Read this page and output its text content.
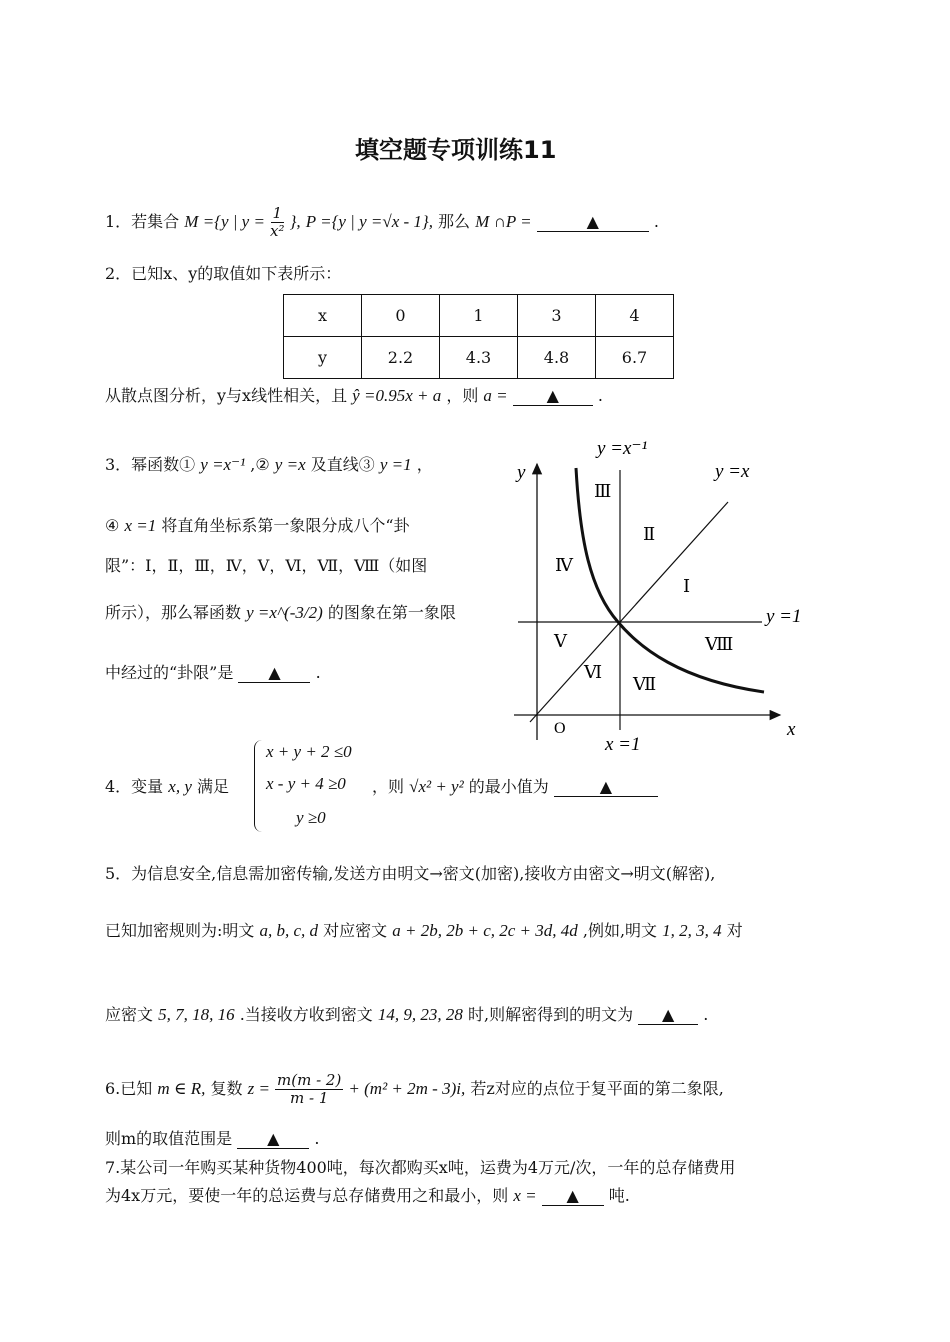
填空题专项训练11
1．若集合 M ={y | $y = \frac{1}{\text{x²}}$ }, P ={y | y =√x - 1}, 那么 M ∩P =	▲	.
2．已知x、y的取值如下表所示：
x	0	1	3	4
y	2.2	4.3	4.8	6.7
从散点图分析，y与x线性相关，且 ŷ =0.95x + a ，则 a = ▲ .
3．幂函数① y =x⁻¹ ,② y =x 及直线③ y =1 ，
④ x =1 将直角坐标系第一象限分成八个“卦
限”：Ⅰ，Ⅱ，Ⅲ，Ⅳ，Ⅴ，Ⅵ，Ⅶ，Ⅷ（如图
所示），那么幂函数 y =x^(-3/2) 的图象在第一象限
中经过的“卦限”是 ▲ .
y =x⁻¹
y =x
y =1
x =1
y
x
O
Ⅰ
Ⅱ
Ⅲ
Ⅳ
Ⅴ
Ⅵ
Ⅶ
Ⅷ
4．变量 x, y 满足
x + y + 2 ≤0
x - y + 4 ≥0
y ≥0
，则 √x² + y² 的最小值为	▲
5．为信息安全,信息需加密传输,发送方由明文→密文(加密),接收方由密文→明文(解密),
已知加密规则为:明文 a, b, c, d 对应密文 a + 2b, 2b + c, 2c + 3d, 4d ,例如,明文 1, 2, 3, 4 对
应密文 5, 7, 18, 16 .当接收方收到密文 14, 9, 23, 28 时,则解密得到的明文为 ▲ .
6.已知 m ∈ R, 复数 $z = \frac{m(m - 2)}{m - 1} + (m^2 + 2m - 3)i$, 若z对应的点位于复平面的第二象限,
则m的取值范围是 ▲ .
7.某公司一年购买某种货物400吨，每次都购买x吨，运费为4万元/次，一年的总存储费用
为4x万元，要使一年的总运费与总存储费用之和最小，则 x = ▲ 吨.
